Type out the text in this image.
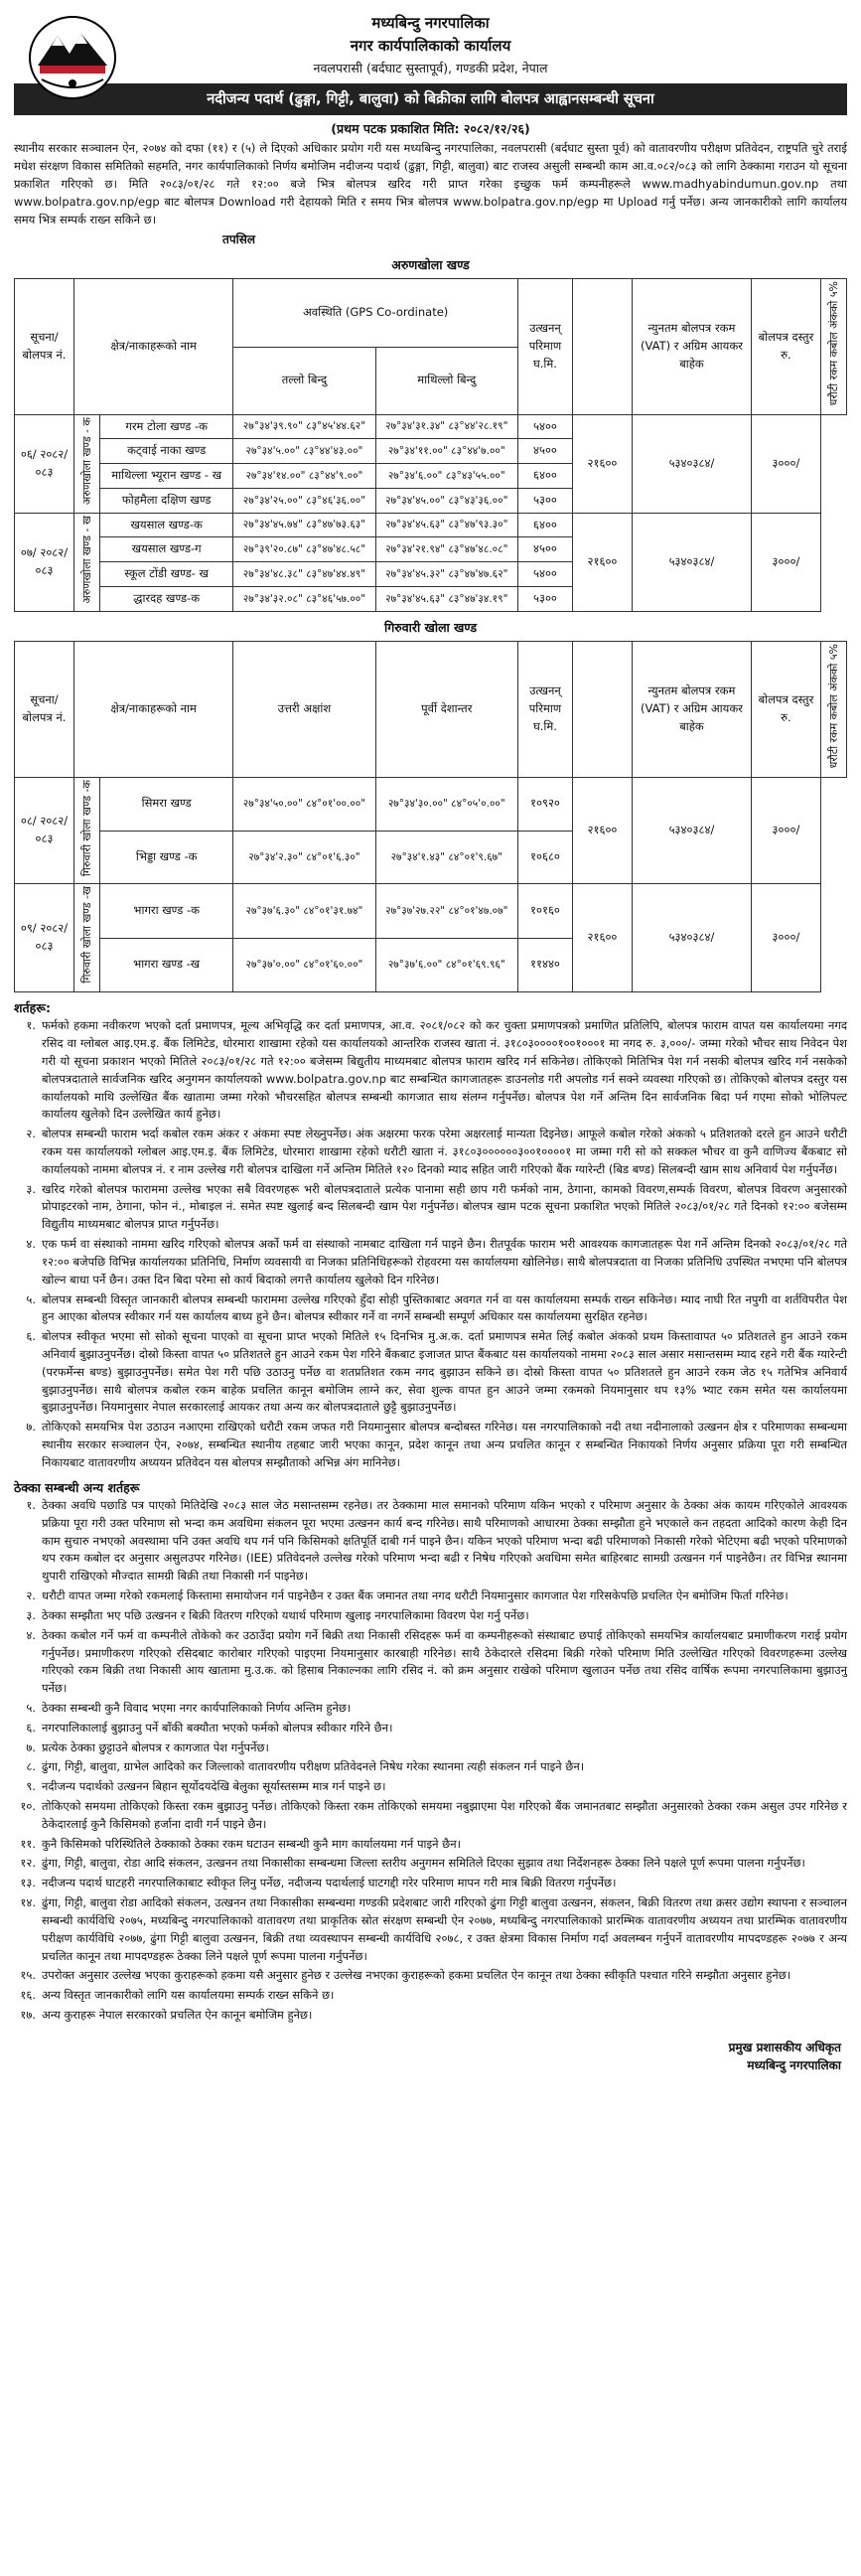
मध्यबिन्दु नगरपालिका
नगर कार्यपालिकाको कार्यालय
नवलपरासी (बर्दघाट सुस्तापूर्व), गण्डकी प्रदेश, नेपाल
नदीजन्य पदार्थ (ढुङ्गा, गिट्टी, बालुवा) को बिक्रीका लागि बोलपत्र आह्वानसम्बन्धी सूचना
(प्रथम पटक प्रकाशित मिति: २०८२/१२/२६)

स्थानीय सरकार सञ्चालन ऐन, २०७४ को दफा (११) र (५) ले दिएको अधिकार प्रयोग गरी यस मध्यबिन्दु नगरपालिका, नवलपरासी (बर्दघाट सुस्ता पूर्व) को वातावरणीय परीक्षण प्रतिवेदन, राष्ट्रपति चुरे तराई मधेश संरक्षण विकास समितिको सहमति, नगर कार्यपालिकाको निर्णय बमोजिम नदीजन्य पदार्थ (ढुङ्गा, गिट्टी, बालुवा) बाट राजस्व असुली सम्बन्धी काम आ.व.०८२/०८३ को लागि ठेक्कामा गराउन यो सूचना प्रकाशित गरिएको छ। मिति २०८३/०१/२८ गते १२:०० बजे भित्र बोलपत्र खरिद गरी प्राप्त गरेका इच्छुक फर्म कम्पनीहरूले www.madhyabindumun.gov.np तथा www.bolpatra.gov.np/egp बाट बोलपत्र Download गरी देहायको मिति र समय भित्र बोलपत्र www.bolpatra.gov.np/egp मा Upload गर्नु पर्नेछ। अन्य जानकारीको लागि कार्यालय समय भित्र सम्पर्क राख्न सकिने छ।

तपसिल
अरुणखोला खण्ड
सूचना/ बोलपत्र नं.	क्षेत्र/नाकाहरूको नाम		अवस्थिति (GPS Co-ordinate)		उत्खनन् परिमाण घ.मि.		न्युनतम बोलपत्र रकम (VAT) र अग्रिम आयकर बाहेक	बोलपत्र दस्तुर रु.	धरौटी रकम कबोल अंकको ५%
			तल्लो बिन्दु	माथिल्लो बिन्दु					
०६/ २०८२/ ०८३	अरुणखोला खण्ड - क	गरम टोला खण्ड -क	२७°३४'३९.९०" ८३°४५'४४.६२"	२७°३४'३१.३४" ८३°४४'२८.१९"	५४००	२१६००	५३४०३८४/	३०००/	
		कट्वाई नाका खण्ड	२७°३४'५.००" ८३°४४'४३.००"	२७°३४'११.००" ८३°४४'७.००"	४५००				
		माथिल्ला भ्यूरान खण्ड - ख	२७°३४'१४.००" ८३°४४'९.००"	२७°३४'६.००" ८३°४३'५५.००"	६४००				
		फोहमैला दक्षिण खण्ड	२७°३४'२५.००" ८३°४६'३६.००"	२७°३४'४५.००" ८३°४३'३६.००"	५३००				
०७/ २०८२/ ०८३	अरुणखोला खण्ड - ख	खयसाल खण्ड-क	२७°३४'४५.७४" ८३°४७'७३.६३"	२७°३४'४५.६३" ८३°४७'९३.३०"	६४००	२१६००	५३४०३८४/	३०००/	
		खयसाल खण्ड-ग	२७°३९'२०.८७" ८३°४७'४८.५८"	२७°३४'२१.९४" ८३°४७'४८.०८"	४५००				
		स्कूल टोंडी खण्ड- ख	२७°३४'४८.३८" ८३°४७'४४.४९"	२७°३४'४५.३२" ८३°४७'४७.६२"	५४००				
		द्धारदह खण्ड-क	२७°३४'३२.०८" ८३°४६'५७.००"	२७°३४'४५.६३" ८३°४७'३४.१९"	५३००				
गिरुवारी खोला खण्ड
सूचना/ बोलपत्र नं.	क्षेत्र/नाकाहरूको नाम		उत्तरी अक्षांश	पूर्वी देशान्तर	उत्खनन् परिमाण घ.मि.		न्युनतम बोलपत्र रकम (VAT) र अग्रिम आयकर बाहेक	बोलपत्र दस्तुर रु.	धरौटी रकम कबोल अंकको ५%
०८/ २०८२/ ०८३	गिरुवारी खोला खण्ड -क	सिमरा खण्ड	२७°३४'५०.००" ८४°०१'००.००"	२७°३४'३०.००" ८४°०५'०.००"	१०९२०	२१६००	५३४०३८४/	३०००/	
		भिड्डा खण्ड -क	२७°३४'२.३०" ८४°०१'६.३०"	२७°३४'१.४३" ८४°०१'९.६७"	१०६८०				
०९/ २०८२/ ०८३	गिरुवारी खोला खण्ड -ख	भागरा खण्ड -क	२७°३७'६.३०" ८४°०१'३१.७४"	२७°३७'२७.२२" ८४°०१'४७.०७"	१०१६०	२१६००	५३४०३८४/	३०००/	
		भागरा खण्ड -ख	२७°३७'०.००" ८४°०१'६०.००"	२७°३७'६.००" ८४°०१'६९.९६"	११४४०				
शर्तहरू:
१. फर्मको हकमा नवीकरण भएको दर्ता प्रमाणपत्र, मूल्य अभिवृद्धि कर दर्ता प्रमाणपत्र, आ.व. २०८१/०८२ को कर चुक्ता प्रमाणपत्रको प्रमाणित प्रतिलिपि, बोलपत्र फाराम वापत यस कार्यालयमा नगद रसिद वा ग्लोबल आइ.एम.इ. बैंक लिमिटेड, धोरमारा शाखामा रहेको यस कार्यालयको आन्तरिक राजस्व खाता नं. ३१८०३००००१००१०००१ मा नगद रु. ३,०००/- जम्मा गरेको भौचर साथ निवेदन पेश गरी यो सूचना प्रकाशन भएको मितिले २०८३/०१/२८ गते १२:०० बजेसम्म बिद्युतीय माध्यमबाट बोलपत्र फाराम खरिद गर्न सकिनेछ। तोकिएको मितिभित्र पेश गर्न नसकी बोलपत्र खरिद गर्न नसकेको बोलपत्रदाताले सार्वजनिक खरिद अनुगमन कार्यालयको www.bolpatra.gov.np बाट सम्बन्धित कागजातहरू डाउनलोड गरी अपलोड गर्न सक्ने व्यवस्था गरिएको छ। तोकिएको बोलपत्र दस्तुर यस कार्यालयको माथि उल्लेखित बैंक खातामा जम्मा गरेको भौचरसहित बोलपत्र सम्बन्धी कागजात साथ संलग्न गर्नुपर्नेछ। बोलपत्र पेश गर्ने अन्तिम दिन सार्वजनिक बिदा पर्न गएमा सोको भोलिपल्ट कार्यालय खुलेको दिन उल्लेखित कार्य हुनेछ।
२. बोलपत्र सम्बन्धी फाराम भर्दा कबोल रकम अंकर र अंकमा स्पष्ट लेख्नुपर्नेछ। अंक अक्षरमा फरक परेमा अक्षरलाई मान्यता दिइनेछ। आफूले कबोल गरेको अंकको ५ प्रतिशतको दरले हुन आउने धरौटी रकम यस कार्यालयको ग्लोबल आइ.एम.इ. बैंक लिमिटेड, धोरमारा शाखामा रहेको धरौटी खाता नं. ३१८०३००००००३००१००००१ मा जम्मा गरी सो को सक्कल भौचर वा कुनै वाणिज्य बैंकबाट सो कार्यालयको नाममा बोलपत्र नं. र नाम उल्लेख गरी बोलपत्र दाखिला गर्ने अन्तिम मितिले १२० दिनको म्याद सहित जारी गरिएको बैंक ग्यारेन्टी (बिड बण्ड) सिलबन्दी खाम साथ अनिवार्य पेश गर्नुपर्नेछ।
३. खरिद गरेको बोलपत्र फाराममा उल्लेख भएका सबै विवरणहरू भरी बोलपत्रदाताले प्रत्येक पानामा सही छाप गरी फर्मको नाम, ठेगाना, कामको विवरण,सम्पर्क विवरण, बोलपत्र विवरण अनुसारको प्रोपाइटरको नाम, ठेगाना, फोन नं., मोबाइल नं. समेत स्पष्ट खुलाई बन्द सिलबन्दी खाम पेश गर्नुपर्नेछ। बोलपत्र खाम पटक सूचना प्रकाशित भएको मितिले २०८३/०१/२८ गते दिनको १२:०० बजेसम्म विद्युतीय माध्यमबाट बोलपत्र प्राप्त गर्नुपर्नेछ।
४. एक फर्म वा संस्थाको नाममा खरिद गरिएको बोलपत्र अर्को फर्म वा संस्थाको नामबाट दाखिला गर्न पाइने छैन। रीतपूर्वक फाराम भरी आवश्यक कागजातहरू पेश गर्ने अन्तिम दिनको २०८३/०१/२८ गते १२:०० बजेपछि विभिन्न कार्यालयका प्रतिनिधि, निर्माण व्यवसायी वा निजका प्रतिनिधिहरूको रोहवरमा यस कार्यालयमा खोलिनेछ। साथै बोलपत्रदाता वा निजका प्रतिनिधि उपस्थित नभएमा पनि बोलपत्र खोल्न बाधा पर्ने छैन। उक्त दिन बिदा परेमा सो कार्य बिदाको लगत्तै कार्यालय खुलेको दिन गरिनेछ।
५. बोलपत्र सम्बन्धी विस्तृत जानकारी बोलपत्र सम्बन्धी फाराममा उल्लेख गरिएको हुँदा सोही पुस्तिकाबाट अवगत गर्न वा यस कार्यालयमा सम्पर्क राख्न सकिनेछ। म्याद नाघी रित नपुगी वा शर्तविपरीत पेश हुन आएका बोलपत्र स्वीकार गर्न यस कार्यालय बाध्य हुने छैन। बोलपत्र स्वीकार गर्ने वा नगर्ने सम्बन्धी सम्पूर्ण अधिकार यस कार्यालयमा सुरक्षित रहनेछ।
६. बोलपत्र स्वीकृत भएमा सो सोको सूचना पाएको वा सूचना प्राप्त भएको मितिले १५ दिनभित्र मु.अ.क. दर्ता प्रमाणपत्र समेत लिई कबोल अंकको प्रथम किस्तावापत ५० प्रतिशतले हुन आउने रकम अनिवार्य बुझाउनुपर्नेछ। दोस्रो किस्ता वापत ५० प्रतिशतले हुन आउने रकम पेश गरिने बैंकबाट इजाजत प्राप्त बैंकबाट यस कार्यालयको नाममा २०८३ साल असार मसान्तसम्म म्याद रहने गरी बैंक ग्यारेन्टी (परफर्मेन्स बण्ड) बुझाउनुपर्नेछ। समेत पेश गरी पछि उठाउनु पर्नेछ वा शतप्रतिशत रकम नगद बुझाउन सकिने छ। दोस्रो किस्ता वापत ५० प्रतिशतले हुन आउने रकम जेठ १५ गतेभित्र अनिवार्य बुझाउनुपर्नेछ। साथै बोलपत्र कबोल रकम बाहेक प्रचलित कानून बमोजिम लाग्ने कर, सेवा शुल्क वापत हुन आउने जम्मा रकमको नियमानुसार थप १३% भ्याट रकम समेत यस कार्यालयमा बुझाउनुपर्नेछ। नियमानुसार नेपाल सरकारलाई आयकर तथा अन्य कर बोलपत्रदाताले छुट्टै बुझाउनुपर्नेछ।
७. तोकिएको समयभित्र पेश उठाउन नआएमा राखिएको धरौटी रकम जफत गरी नियमानुसार बोलपत्र बन्दोबस्त गरिनेछ। यस नगरपालिकाको नदी तथा नदीनालाको उत्खनन क्षेत्र र परिमाणका सम्बन्धमा स्थानीय सरकार सञ्चालन ऐन, २०७४, सम्बन्धित स्थानीय तहबाट जारी भएका कानून, प्रदेश कानून तथा अन्य प्रचलित कानून र सम्बन्धित निकायको निर्णय अनुसार प्रक्रिया पूरा गरी सम्बन्धित निकायबाट वातावरणीय अध्ययन प्रतिवेदन यस बोलपत्र सम्झौताको अभिन्न अंग मानिनेछ।
ठेक्का सम्बन्धी अन्य शर्तहरू
१. ठेक्का अवधि पछाडि पत्र पाएको मितिदेखि २०८३ साल जेठ मसान्तसम्म रहनेछ। तर ठेक्कामा माल समानको परिमाण यकिन भएको र परिमाण अनुसार के ठेक्का अंक कायम गरिएकोले आवश्यक प्रक्रिया पूरा गरी उक्त परिमाण सो भन्दा कम अवधिमा संकलन पूरा भएमा उत्खनन कार्य बन्द गरिनेछ। साथै परिमाणको आधारमा ठेक्का सम्झौता हुने भएकाले कन तहदता आदिको कारण केही दिन काम सुचारु नभएको अवस्थामा पनि उक्त अवधि थप गर्न पनि किसिमको क्षतिपूर्ति दाबी गर्न पाइने छैन। यकिन भएको परिमाण भन्दा बढी परिमाणको निकासी गरेको भेटिएमा बढी भएको परिमाणको थप रकम कबोल दर अनुसार असुलउपर गरिनेछ। (IEE) प्रतिवेदनले उल्लेख गरेको परिमाण भन्दा बढी र निषेध गरिएको अवधिमा समेत बाहिरबाट सामग्री उत्खनन गर्न पाइनेछैन। तर विभिन्न स्थानमा थुपारी राखिएको मौज्दात सामग्री बिक्री तथा निकासी गर्न पाइनेछ।
२. धरौटी वापत जम्मा गरेको रकमलाई किस्तामा समायोजन गर्न पाइनेछैन र उक्त बैंक जमानत तथा नगद धरौटी नियमानुसार कागजात पेश गरिसकेपछि प्रचलित ऐन बमोजिम फिर्ता गरिनेछ।
३. ठेक्का सम्झौता भए पछि उत्खनन र बिक्री वितरण गरिएको यथार्थ परिमाण खुलाइ नगरपालिकामा विवरण पेश गर्नु पर्नेछ।
४. ठेक्का कबोल गर्ने फर्म वा कम्पनीले तोकेको कर उठाउँदा प्रयोग गर्ने बिक्री तथा निकासी रसिदहरू फर्म वा कम्पनीहरूको संस्थाबाट छपाई तोकिएको समयभित्र कार्यालयबाट प्रमाणीकरण गराई प्रयोग गर्नुपर्नेछ। प्रमाणीकरण गरिएको रसिदबाट कारोबार गरिएको पाइएमा नियमानुसार कारबाही गरिनेछ। साथै ठेकेदारले रसिदमा बिक्री गरेको परिमाण मिति उल्लेखित गरिएको विवरणहरूमा उल्लेख गरिएको रकम बिक्री तथा निकासी आय खातामा मु.उ.क. को हिसाब निकाल्नका लागि रसिद नं. को क्रम अनुसार राखेको परिमाण खुलाउन पर्नेछ तथा रसिद वार्षिक रूपमा नगरपालिकामा बुझाउनु पर्नेछ।
५. ठेक्का सम्बन्धी कुनै विवाद भएमा नगर कार्यपालिकाको निर्णय अन्तिम हुनेछ।
६. नगरपालिकालाई बुझाउनु पर्ने बाँकी बक्यौता भएको फर्मको बोलपत्र स्वीकार गरिने छैन।
७. प्रत्येक ठेक्का छुट्टाउने बोलपत्र र कागजात पेश गर्नुपर्नेछ।
८. ढुंगा, गिट्टी, बालुवा, ग्राभेल आदिको कर जिल्लाको वातावरणीय परीक्षण प्रतिवेदनले निषेध गरेका स्थानमा त्यही संकलन गर्न पाइने छैन।
९. नदीजन्य पदार्थको उत्खनन बिहान सूर्योदयदेखि बेलुका सूर्यास्तसम्म मात्र गर्न पाइने छ।
१०. तोकिएको समयमा तोकिएको किस्ता रकम बुझाउनु पर्नेछ। तोकिएको किस्ता रकम तोकिएको समयमा नबुझाएमा पेश गरिएको बैंक जमानतबाट सम्झौता अनुसारको ठेक्का रकम असुल उपर गरिनेछ र ठेकेदारलाई कुनै किसिमको हर्जाना दावी गर्न पाइने छैन।
११. कुनै किसिमको परिस्थितिले ठेक्काको ठेक्का रकम घटाउन सम्बन्धी कुनै माग कार्यालयमा गर्न पाइने छैन।
१२. ढुंगा, गिट्टी, बालुवा, रोडा आदि संकलन, उत्खनन तथा निकासीका सम्बन्धमा जिल्ला स्तरीय अनुगमन समितिले दिएका सुझाव तथा निर्देशनहरू ठेक्का लिने पक्षले पूर्ण रूपमा पालना गर्नुपर्नेछ।
१३. नदीजन्य पदार्थ घाटहरी नगरपालिकाबाट स्वीकृत लिनु पर्नेछ, नदीजन्य पदार्थलाई घाटगद्दी गरेर परिमाण मापन गरी मात्र बिक्री वितरण गर्नुपर्नेछ।
१४. ढुंगा, गिट्टी, बालुवा रोडा आदिको संकलन, उत्खनन तथा निकासीका सम्बन्धमा गण्डकी प्रदेशबाट जारी गरिएको ढुंगा गिट्टी बालुवा उत्खनन, संकलन, बिक्री वितरण तथा क्रसर उद्योग स्थापना र सञ्चालन सम्बन्धी कार्यविधि २०७५, मध्यबिन्दु नगरपालिकाको वातावरण तथा प्राकृतिक स्रोत संरक्षण सम्बन्धी ऐन २०७७, मध्यबिन्दु नगरपालिकाको प्रारम्भिक वातावरणीय अध्ययन तथा प्रारम्भिक वातावरणीय परीक्षण कार्यविधि २०७७, ढुंगा गिट्टी बालुवा उत्खनन, बिक्री तथा व्यवस्थापन सम्बन्धी कार्यविधि २०७८, र उक्त क्षेत्रमा विकास निर्माण गर्दा अवलम्बन गर्नुपर्ने वातावरणीय मापदण्डहरू २०७७ र अन्य प्रचलित कानून तथा मापदण्डहरू ठेक्का लिने पक्षले पूर्ण रूपमा पालना गर्नुपर्नेछ।
१५. उपरोक्त अनुसार उल्लेख भएका कुराहरूको हकमा यसै अनुसार हुनेछ र उल्लेख नभएका कुराहरूको हकमा प्रचलित ऐन कानून तथा ठेक्का स्वीकृति पश्चात गरिने सम्झौता अनुसार हुनेछ।
१६. अन्य विस्तृत जानकारीको लागि यस कार्यालयमा सम्पर्क राख्न सकिने छ।
१७. अन्य कुराहरू नेपाल सरकारको प्रचलित ऐन कानून बमोजिम हुनेछ।
प्रमुख प्रशासकीय अधिकृत
मध्यबिन्दु नगरपालिका
